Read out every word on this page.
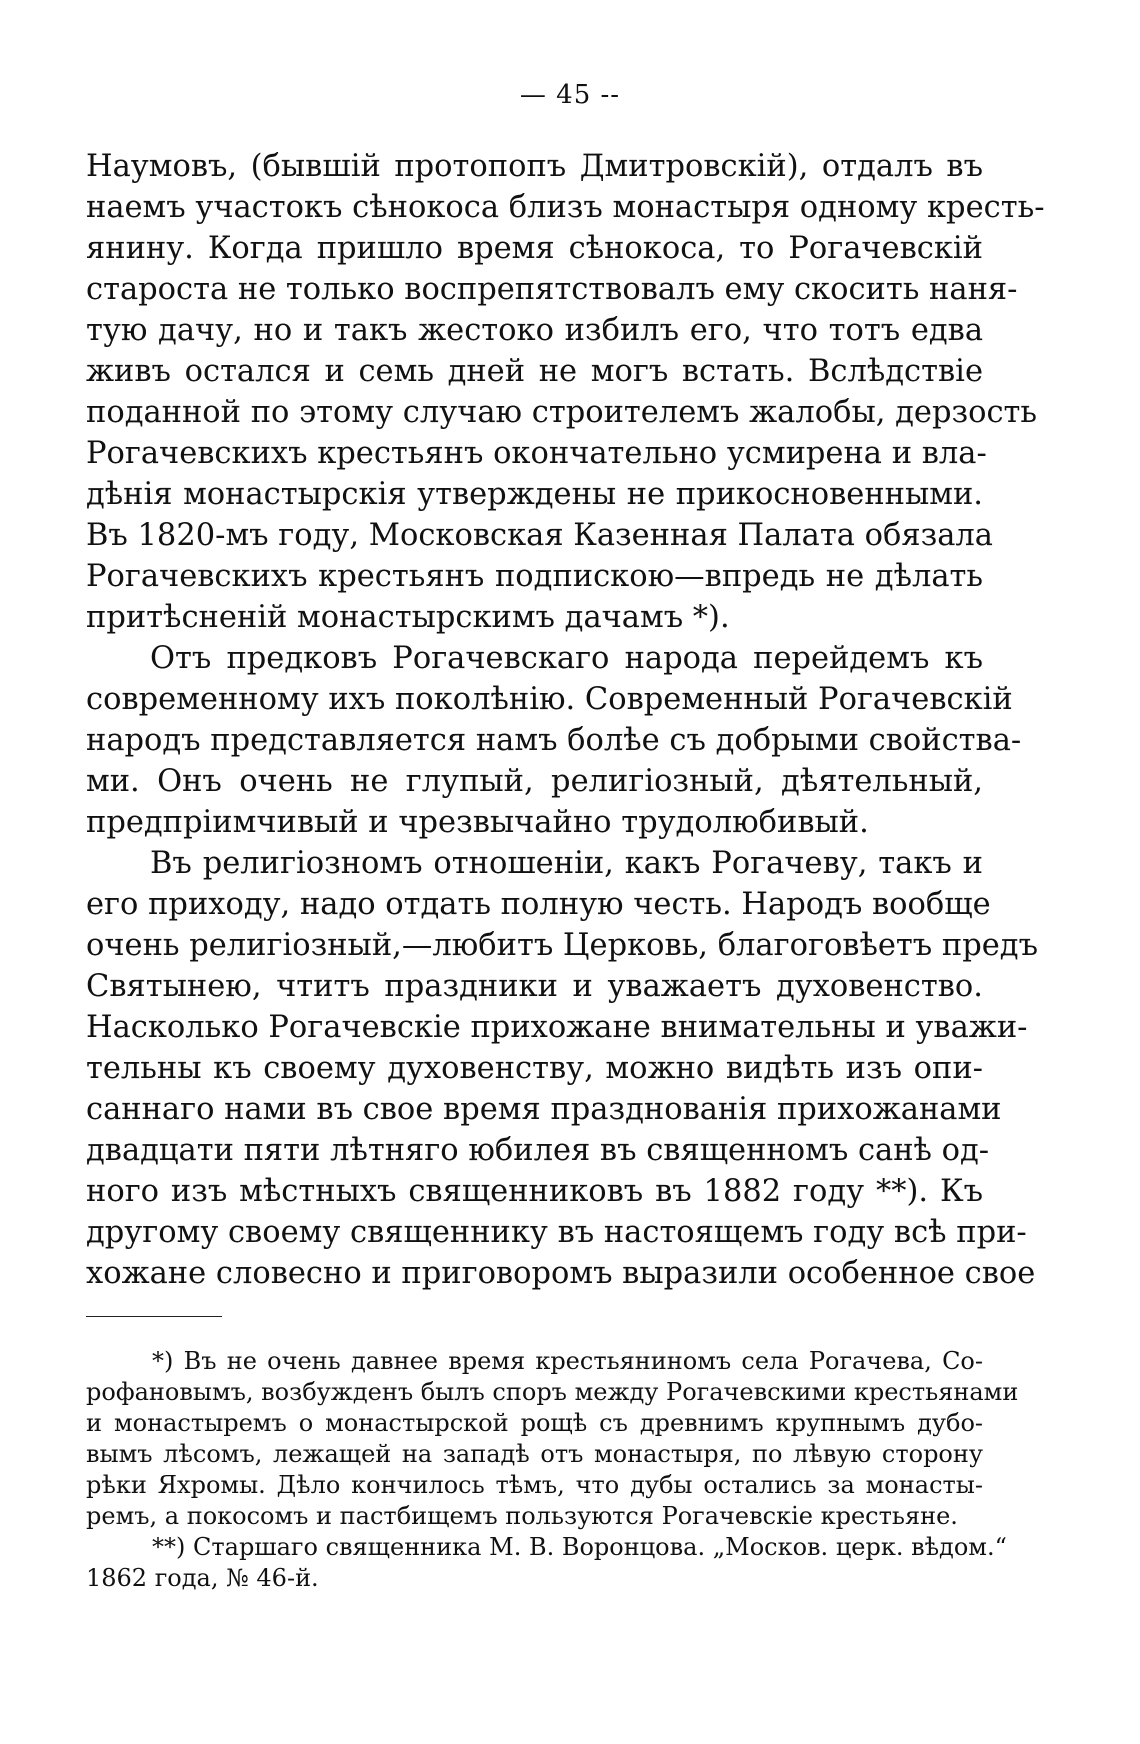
— 45 --

Наумовъ, (бывшій протопопъ Дмитровскій), отдалъ въ
наемъ участокъ сѣнокоса близъ монастыря одному кресть-
янину. Когда пришло время сѣнокоса, то Рогачевскій
староста не только воспрепятствовалъ ему скосить наня-
тую дачу, но и такъ жестоко избилъ его, что тотъ едва
живъ остался и семь дней не могъ встать. Вслѣдствіе
поданной по этому случаю строителемъ жалобы, дерзость
Рогачевскихъ крестьянъ окончательно усмирена и вла-
дѣнія монастырскія утверждены не прикосновенными.
Въ 1820-мъ году, Московская Казенная Палата обязала
Рогачевскихъ крестьянъ подпискою—впредь не дѣлать
притѣсненій монастырскимъ дачамъ *).

Отъ предковъ Рогачевскаго народа перейдемъ къ
современному ихъ поколѣнію. Современный Рогачевскій
народъ представляется намъ болѣе съ добрыми свойства-
ми. Онъ очень не глупый, религіозный, дѣятельный,
предпріимчивый и чрезвычайно трудолюбивый.

Въ религіозномъ отношеніи, какъ Рогачеву, такъ и
его приходу, надо отдать полную честь. Народъ вообще
очень религіозный,—любитъ Церковь, благоговѣетъ предъ
Святынею, чтитъ праздники и уважаетъ духовенство.
Насколько Рогачевскіе прихожане внимательны и уважи-
тельны къ своему духовенству, можно видѣть изъ опи-
саннаго нами въ свое время празднованія прихожанами
двадцати пяти лѣтняго юбилея въ священномъ санѣ од-
ного изъ мѣстныхъ священниковъ въ 1882 году **). Къ
другому своему священнику въ настоящемъ году всѣ при-
хожане словесно и приговоромъ выразили особенное свое

*) Въ не очень давнее время крестьяниномъ села Рогачева, Со-
рофановымъ, возбужденъ былъ споръ между Рогачевскими крестьянами
и монастыремъ о монастырской рощѣ съ древнимъ крупнымъ дубо-
вымъ лѣсомъ, лежащей на западѣ отъ монастыря, по лѣвую сторону
рѣки Яхромы. Дѣло кончилось тѣмъ, что дубы остались за монасты-
ремъ, а покосомъ и пастбищемъ пользуются Рогачевскіе крестьяне.
**) Старшаго священника М. В. Воронцова. „Москов. церк. вѣдом.“
1862 года, № 46-й.
